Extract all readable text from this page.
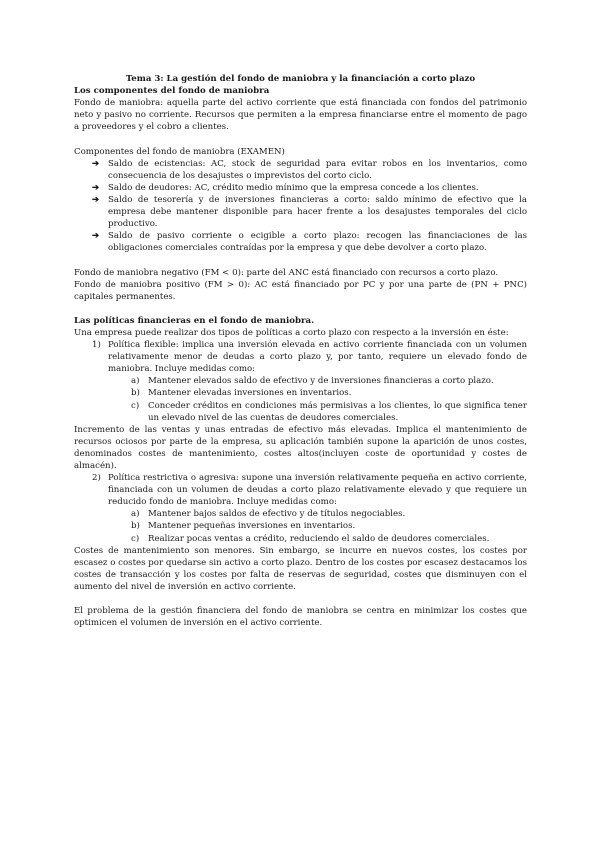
Tema 3: La gestión del fondo de maniobra y la financiación a corto plazo
Los componentes del fondo de maniobra

Fondo de maniobra: aquella parte del activo corriente que está financiada con fondos del patrimonio neto y pasivo no corriente. Recursos que permiten a la empresa financiarse entre el momento de pago a proveedores y el cobro a clientes.

Componentes del fondo de maniobra (EXAMEN)
➔ Saldo de ecistencias: AC, stock de seguridad para evitar robos en los inventarios, como consecuencia de los desajustes o imprevistos del corto ciclo.
➔ Saldo de deudores: AC, crédito medio mínimo que la empresa concede a los clientes.
➔ Saldo de tesorería y de inversiones financieras a corto: saldo mínimo de efectivo que la empresa debe mantener disponible para hacer frente a los desajustes temporales del ciclo productivo.
➔ Saldo de pasivo corriente o ecigible a corto plazo: recogen las financiaciones de las obligaciones comerciales contraídas por la empresa y que debe devolver a corto plazo.

Fondo de maniobra negativo (FM < 0): parte del ANC está financiado con recursos a corto plazo.

Fondo de maniobra positivo (FM > 0): AC está financiado por PC y por una parte de (PN + PNC) capitales permanentes.

Las políticas financieras en el fondo de maniobra.

Una empresa puede realizar dos tipos de políticas a corto plazo con respecto a la inversión en éste:

1) Política flexible: implica una inversión elevada en activo corriente financiada con un volumen relativamente menor de deudas a corto plazo y, por tanto, requiere un elevado fondo de maniobra. Incluye medidas como:
a) Mantener elevados saldo de efectivo y de inversiones financieras a corto plazo.
b) Mantener elevadas inversiones en inventarios.
c) Conceder créditos en condiciones más permisivas a los clientes, lo que significa tener un elevado nivel de las cuentas de deudores comerciales.

Incremento de las ventas y unas entradas de efectivo más elevadas. Implica el mantenimiento de recursos ociosos por parte de la empresa, su aplicación también supone la aparición de unos costes, denominados costes de mantenimiento, costes altos(incluyen coste de oportunidad y costes de almacén).

2) Política restrictiva o agresiva: supone una inversión relativamente pequeña en activo corriente, financiada con un volumen de deudas a corto plazo relativamente elevado y que requiere un reducido fondo de maniobra. Incluye medidas como:
a) Mantener bajos saldos de efectivo y de títulos negociables.
b) Mantener pequeñas inversiones en inventarios.
c) Realizar pocas ventas a crédito, reduciendo el saldo de deudores comerciales.

Costes de mantenimiento son menores. Sin embargo, se incurre en nuevos costes, los costes por escasez o costes por quedarse sin activo a corto plazo. Dentro de los costes por escasez destacamos los costes de transacción y los costes por falta de reservas de seguridad, costes que disminuyen con el aumento del nivel de inversión en activo corriente.

El problema de la gestión financiera del fondo de maniobra se centra en minimizar los costes que optimicen el volumen de inversión en el activo corriente.
